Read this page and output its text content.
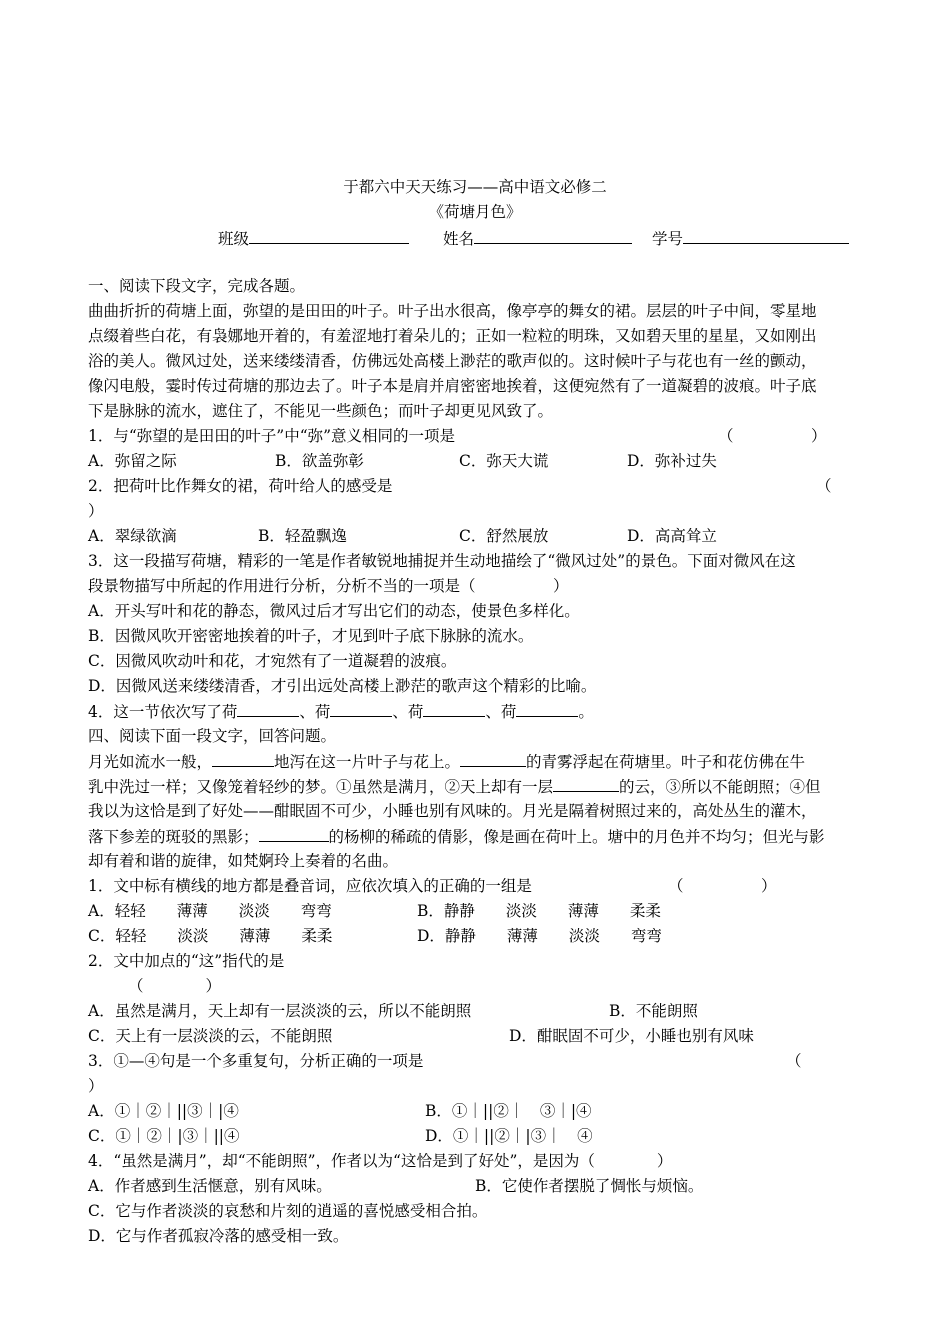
于都六中天天练习——高中语文必修二
《荷塘月色》
班级	姓名	学号
一、阅读下段文字，完成各题。
曲曲折折的荷塘上面，弥望的是田田的叶子。叶子出水很高，像亭亭的舞女的裙。层层的叶子中间，零星地
点缀着些白花，有袅娜地开着的，有羞涩地打着朵儿的；正如一粒粒的明珠，又如碧天里的星星，又如刚出
浴的美人。微风过处，送来缕缕清香，仿佛远处高楼上渺茫的歌声似的。这时候叶子与花也有一丝的颤动，
像闪电般，霎时传过荷塘的那边去了。叶子本是肩并肩密密地挨着，这便宛然有了一道凝碧的波痕。叶子底
下是脉脉的流水，遮住了，不能见一些颜色；而叶子却更见风致了。
1．与“弥望的是田田的叶子”中“弥”意义相同的一项是	（　　　　　）
A．弥留之际	B．欲盖弥彰	C．弥天大谎	D．弥补过失
2．把荷叶比作舞女的裙，荷叶给人的感受是	（
）
A．翠绿欲滴	B．轻盈飘逸	C．舒然展放	D．高高耸立
3．这一段描写荷塘，精彩的一笔是作者敏锐地捕捉并生动地描绘了“微风过处”的景色。下面对微风在这
段景物描写中所起的作用进行分析，分析不当的一项是（　　　　　）
A．开头写叶和花的静态，微风过后才写出它们的动态，使景色多样化。
B．因微风吹开密密地挨着的叶子，才见到叶子底下脉脉的流水。
C．因微风吹动叶和花，才宛然有了一道凝碧的波痕。
D．因微风送来缕缕清香，才引出远处高楼上渺茫的歌声这个精彩的比喻。
4．这一节依次写了荷	、荷	、荷	、荷	。
四、阅读下面一段文字，回答问题。
月光如流水一般，	地泻在这一片叶子与花上。	的青雾浮起在荷塘里。叶子和花仿佛在牛
乳中洗过一样；又像笼着轻纱的梦。①虽然是满月，②天上却有一层	的云，③所以不能朗照；④但
我以为这恰是到了好处——酣眠固不可少，小睡也别有风味的。月光是隔着树照过来的，高处丛生的灌木，
落下参差的斑驳的黑影；	的杨柳的稀疏的倩影，像是画在荷叶上。塘中的月色并不均匀；但光与影
却有着和谐的旋律，如梵婀玲上奏着的名曲。
1．文中标有横线的地方都是叠音词，应依次填入的正确的一组是	（　　　　　）
A．轻轻　　薄薄　　淡淡　　弯弯	B．静静　　淡淡　　薄薄　　柔柔
C．轻轻　　淡淡　　薄薄　　柔柔	D．静静　　薄薄　　淡淡　　弯弯
2．文中加点的“这”指代的是
（　　　　）
A．虽然是满月，天上却有一层淡淡的云，所以不能朗照	B．不能朗照
C．天上有一层淡淡的云，不能朗照	D．酣眠固不可少，小睡也别有风味
3．①—④句是一个多重复句，分析正确的一项是	（
）
A．①｜②｜||③｜|④	B．①｜||②｜　③｜|④
C．①｜②｜|③｜||④	D．①｜||②｜|③｜　④
4．“虽然是满月”，却“不能朗照”，作者以为“这恰是到了好处”，是因为（　　　　）
A．作者感到生活惬意，别有风味。	B．它使作者摆脱了惆怅与烦恼。
C．它与作者淡淡的哀愁和片刻的逍遥的喜悦感受相合拍。
D．它与作者孤寂冷落的感受相一致。
